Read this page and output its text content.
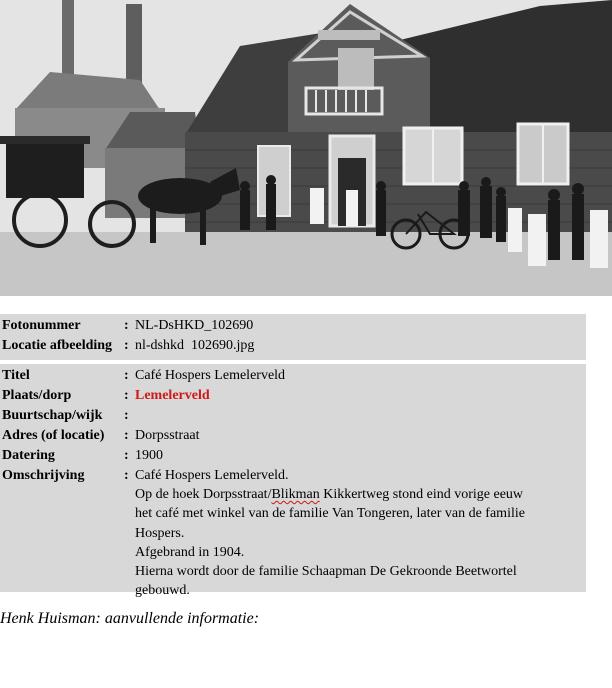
Fotonummer	: NL-DsHKD_102690
Locatie afbeelding : nl-dshkd  102690.jpg
Titel	: Café Hospers Lemelerveld
Plaats/dorp	: Lemelerveld
Buurtschap/wijk :
Adres (of locatie) : Dorpsstraat
Datering	: 1900
Omschrijving	: Café Hospers Lemelerveld.
Op de hoek Dorpsstraat/Blikman Kikkertweg stond eind vorige eeuw
het café met winkel van de familie Van Tongeren, later van de familie
Hospers.
Afgebrand in 1904.
Hierna wordt door de familie Schaapman De Gekroonde Beetwortel
gebouwd.
Henk Huisman: aanvullende informatie:
